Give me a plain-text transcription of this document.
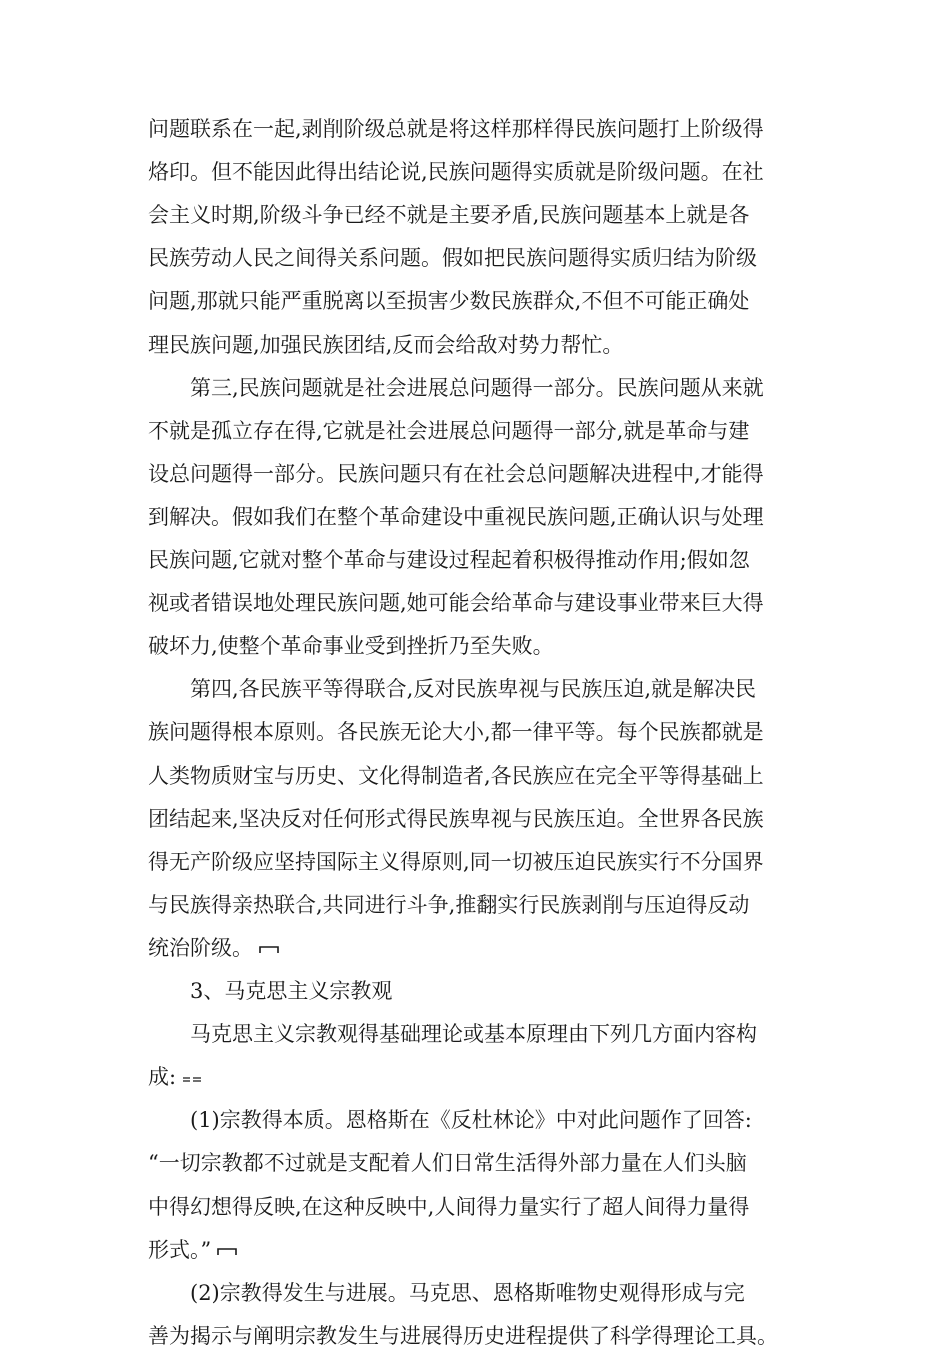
问题联系在一起,剥削阶级总就是将这样那样得民族问题打上阶级得
烙印。但不能因此得出结论说,民族问题得实质就是阶级问题。在社
会主义时期,阶级斗争已经不就是主要矛盾,民族问题基本上就是各
民族劳动人民之间得关系问题。假如把民族问题得实质归结为阶级
问题,那就只能严重脱离以至损害少数民族群众,不但不可能正确处
理民族问题,加强民族团结,反而会给敌对势力帮忙。
第三,民族问题就是社会进展总问题得一部分。民族问题从来就
不就是孤立存在得,它就是社会进展总问题得一部分,就是革命与建
设总问题得一部分。民族问题只有在社会总问题解决进程中,才能得
到解决。假如我们在整个革命建设中重视民族问题,正确认识与处理
民族问题,它就对整个革命与建设过程起着积极得推动作用;假如忽
视或者错误地处理民族问题,她可能会给革命与建设事业带来巨大得
破坏力,使整个革命事业受到挫折乃至失败。
第四,各民族平等得联合,反对民族卑视与民族压迫,就是解决民
族问题得根本原则。各民族无论大小,都一律平等。每个民族都就是
人类物质财宝与历史、文化得制造者,各民族应在完全平等得基础上
团结起来,坚决反对任何形式得民族卑视与民族压迫。全世界各民族
得无产阶级应坚持国际主义得原则,同一切被压迫民族实行不分国界
与民族得亲热联合,共同进行斗争,推翻实行民族剥削与压迫得反动
统治阶级。
3、马克思主义宗教观
马克思主义宗教观得基础理论或基本原理由下列几方面内容构
成:
(1)宗教得本质。恩格斯在《反杜林论》中对此问题作了回答:
“一切宗教都不过就是支配着人们日常生活得外部力量在人们头脑
中得幻想得反映,在这种反映中,人间得力量实行了超人间得力量得
形式。”
(2)宗教得发生与进展。马克思、恩格斯唯物史观得形成与完
善为揭示与阐明宗教发生与进展得历史进程提供了科学得理论工具。
